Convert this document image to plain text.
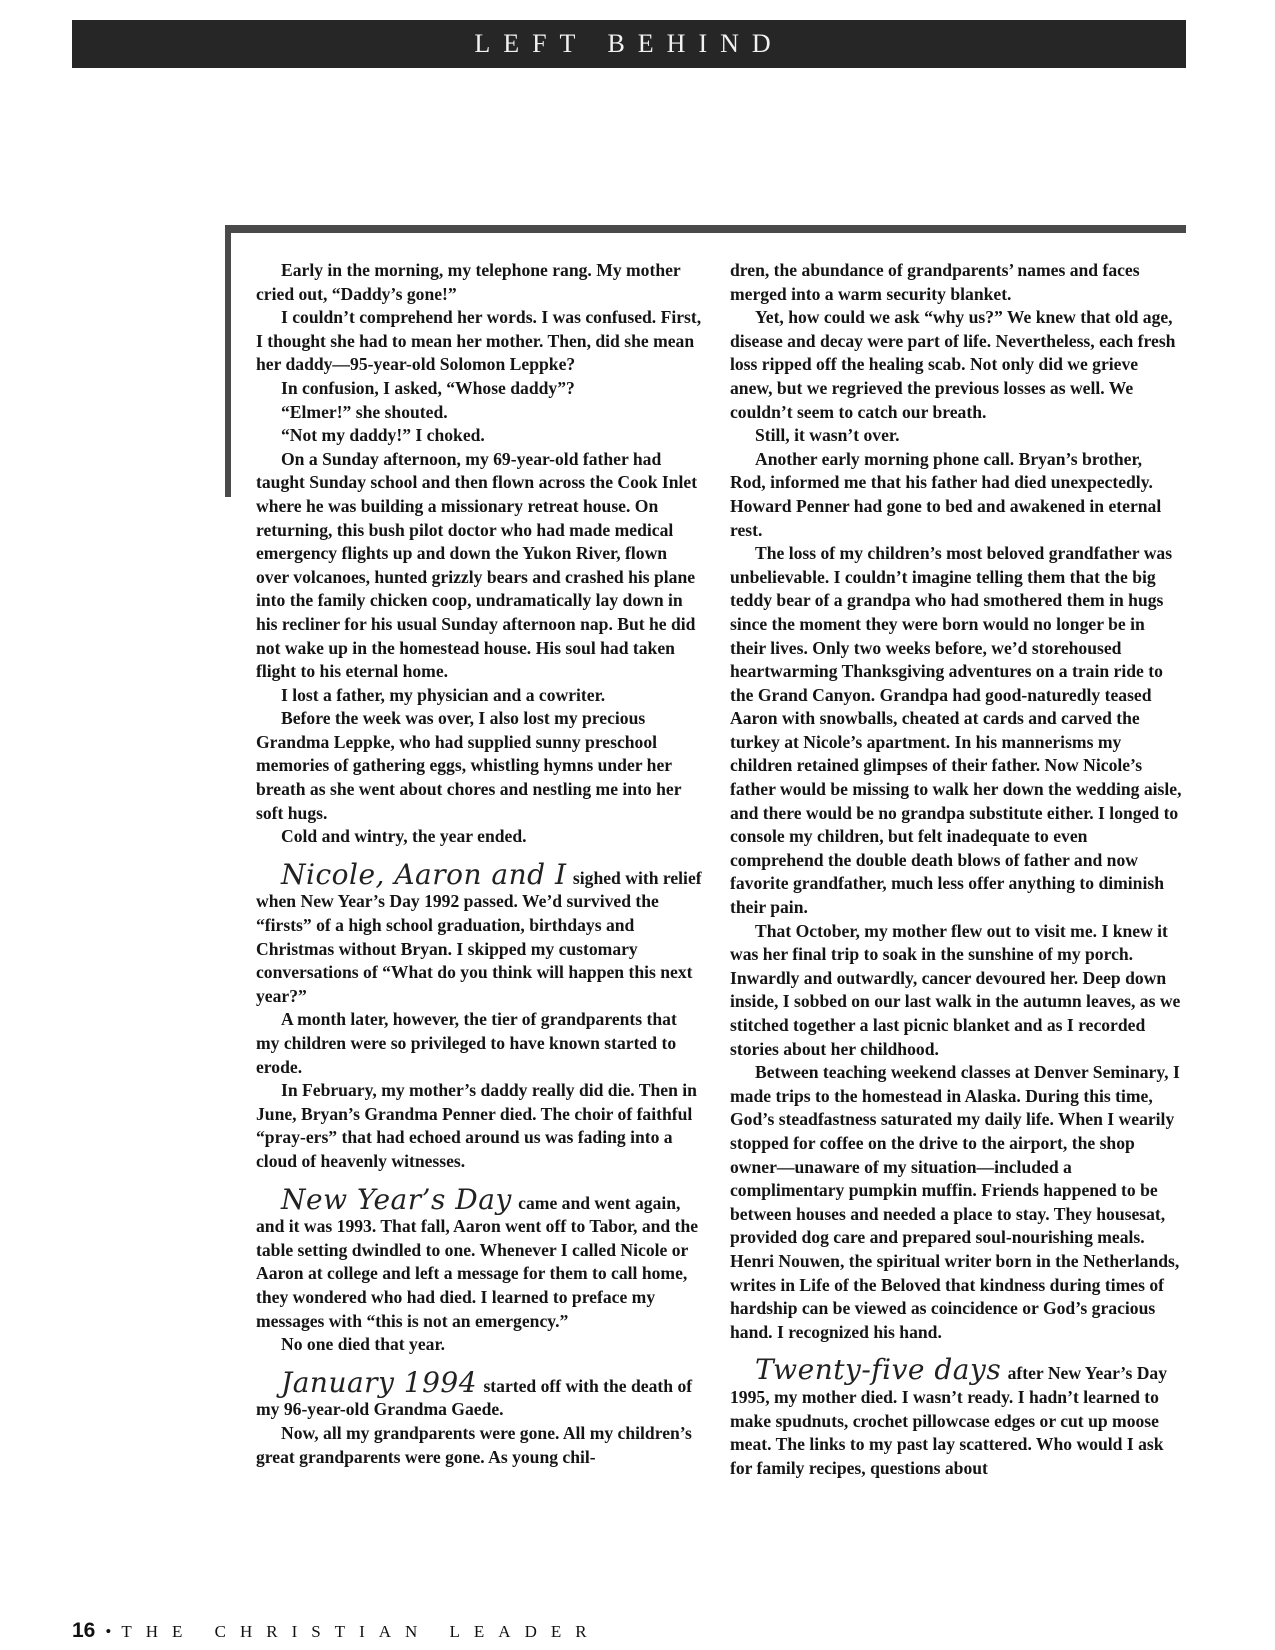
LEFT BEHIND

Early in the morning, my telephone rang. My mother cried out, “Daddy’s gone!”

I couldn’t comprehend her words. I was confused. First, I thought she had to mean her mother. Then, did she mean her daddy—95-year-old Solomon Leppke?

In confusion, I asked, “Whose daddy”?

“Elmer!” she shouted.

“Not my daddy!” I choked.

On a Sunday afternoon, my 69-year-old father had taught Sunday school and then flown across the Cook Inlet where he was building a missionary retreat house. On returning, this bush pilot doctor who had made medical emergency flights up and down the Yukon River, flown over volcanoes, hunted grizzly bears and crashed his plane into the family chicken coop, undramatically lay down in his recliner for his usual Sunday afternoon nap. But he did not wake up in the homestead house. His soul had taken flight to his eternal home.

I lost a father, my physician and a cowriter.

Before the week was over, I also lost my precious Grandma Leppke, who had supplied sunny preschool memories of gathering eggs, whistling hymns under her breath as she went about chores and nestling me into her soft hugs.

Cold and wintry, the year ended.

Nicole, Aaron and I sighed with relief when New Year’s Day 1992 passed. We’d survived the “firsts” of a high school graduation, birthdays and Christmas without Bryan. I skipped my customary conversations of “What do you think will happen this next year?”

A month later, however, the tier of grandparents that my children were so privileged to have known started to erode.

In February, my mother’s daddy really did die. Then in June, Bryan’s Grandma Penner died. The choir of faithful “pray-ers” that had echoed around us was fading into a cloud of heavenly witnesses.

New Year’s Day came and went again, and it was 1993. That fall, Aaron went off to Tabor, and the table setting dwindled to one. Whenever I called Nicole or Aaron at college and left a message for them to call home, they wondered who had died. I learned to preface my messages with “this is not an emergency.”

No one died that year.

January 1994 started off with the death of my 96-year-old Grandma Gaede.

Now, all my grandparents were gone. All my children’s great grandparents were gone. As young chil-

dren, the abundance of grandparents’ names and faces merged into a warm security blanket.

Yet, how could we ask “why us?” We knew that old age, disease and decay were part of life. Nevertheless, each fresh loss ripped off the healing scab. Not only did we grieve anew, but we regrieved the previous losses as well. We couldn’t seem to catch our breath.

Still, it wasn’t over.

Another early morning phone call. Bryan’s brother, Rod, informed me that his father had died unexpectedly. Howard Penner had gone to bed and awakened in eternal rest.

The loss of my children’s most beloved grandfather was unbelievable. I couldn’t imagine telling them that the big teddy bear of a grandpa who had smothered them in hugs since the moment they were born would no longer be in their lives. Only two weeks before, we’d storehoused heartwarming Thanksgiving adventures on a train ride to the Grand Canyon. Grandpa had good-naturedly teased Aaron with snowballs, cheated at cards and carved the turkey at Nicole’s apartment. In his mannerisms my children retained glimpses of their father. Now Nicole’s father would be missing to walk her down the wedding aisle, and there would be no grandpa substitute either. I longed to console my children, but felt inadequate to even comprehend the double death blows of father and now favorite grandfather, much less offer anything to diminish their pain.

That October, my mother flew out to visit me. I knew it was her final trip to soak in the sunshine of my porch. Inwardly and outwardly, cancer devoured her. Deep down inside, I sobbed on our last walk in the autumn leaves, as we stitched together a last picnic blanket and as I recorded stories about her childhood.

Between teaching weekend classes at Denver Seminary, I made trips to the homestead in Alaska. During this time, God’s steadfastness saturated my daily life. When I wearily stopped for coffee on the drive to the airport, the shop owner—unaware of my situation—included a complimentary pumpkin muffin. Friends happened to be between houses and needed a place to stay. They housesat, provided dog care and prepared soul-nourishing meals. Henri Nouwen, the spiritual writer born in the Netherlands, writes in Life of the Beloved that kindness during times of hardship can be viewed as coincidence or God’s gracious hand. I recognized his hand.

Twenty-five days after New Year’s Day 1995, my mother died. I wasn’t ready. I hadn’t learned to make spudnuts, crochet pillowcase edges or cut up moose meat. The links to my past lay scattered. Who would I ask for family recipes, questions about

16 • THE CHRISTIAN LEADER
